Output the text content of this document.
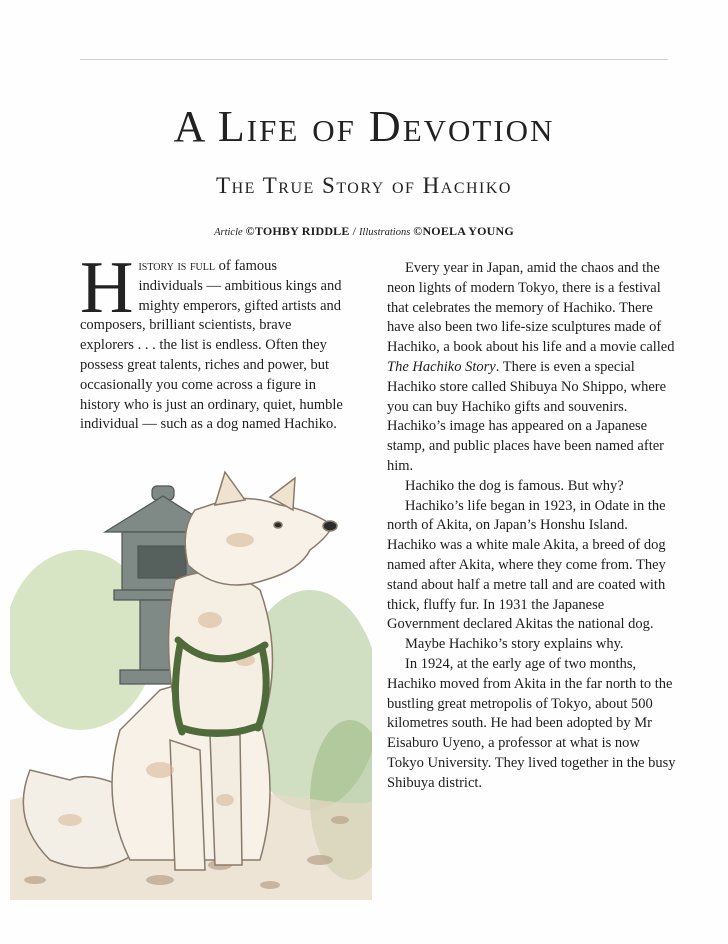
A Life of Devotion
The True Story of Hachiko
Article ©TOHBY RIDDLE / Illustrations ©NOELA YOUNG

History is full of famous individuals — ambitious kings and mighty emperors, gifted artists and composers, brilliant scientists, brave explorers . . . the list is endless. Often they possess great talents, riches and power, but occasionally you come across a figure in history who is just an ordinary, quiet, humble individual — such as a dog named Hachiko.

Every year in Japan, amid the chaos and the neon lights of modern Tokyo, there is a festival that celebrates the memory of Hachiko. There have also been two life-size sculptures made of Hachiko, a book about his life and a movie called The Hachiko Story. There is even a special Hachiko store called Shibuya No Shippo, where you can buy Hachiko gifts and souvenirs. Hachiko’s image has appeared on a Japanese stamp, and public places have been named after him.

Hachiko the dog is famous. But why?

Hachiko’s life began in 1923, in Odate in the north of Akita, on Japan’s Honshu Island. Hachiko was a white male Akita, a breed of dog named after Akita, where they come from. They stand about half a metre tall and are coated with thick, fluffy fur. In 1931 the Japanese Government declared Akitas the national dog.

Maybe Hachiko’s story explains why.

In 1924, at the early age of two months, Hachiko moved from Akita in the far north to the bustling great metropolis of Tokyo, about 500 kilometres south. He had been adopted by Mr Eisaburo Uyeno, a professor at what is now Tokyo University. They lived together in the busy Shibuya district.
